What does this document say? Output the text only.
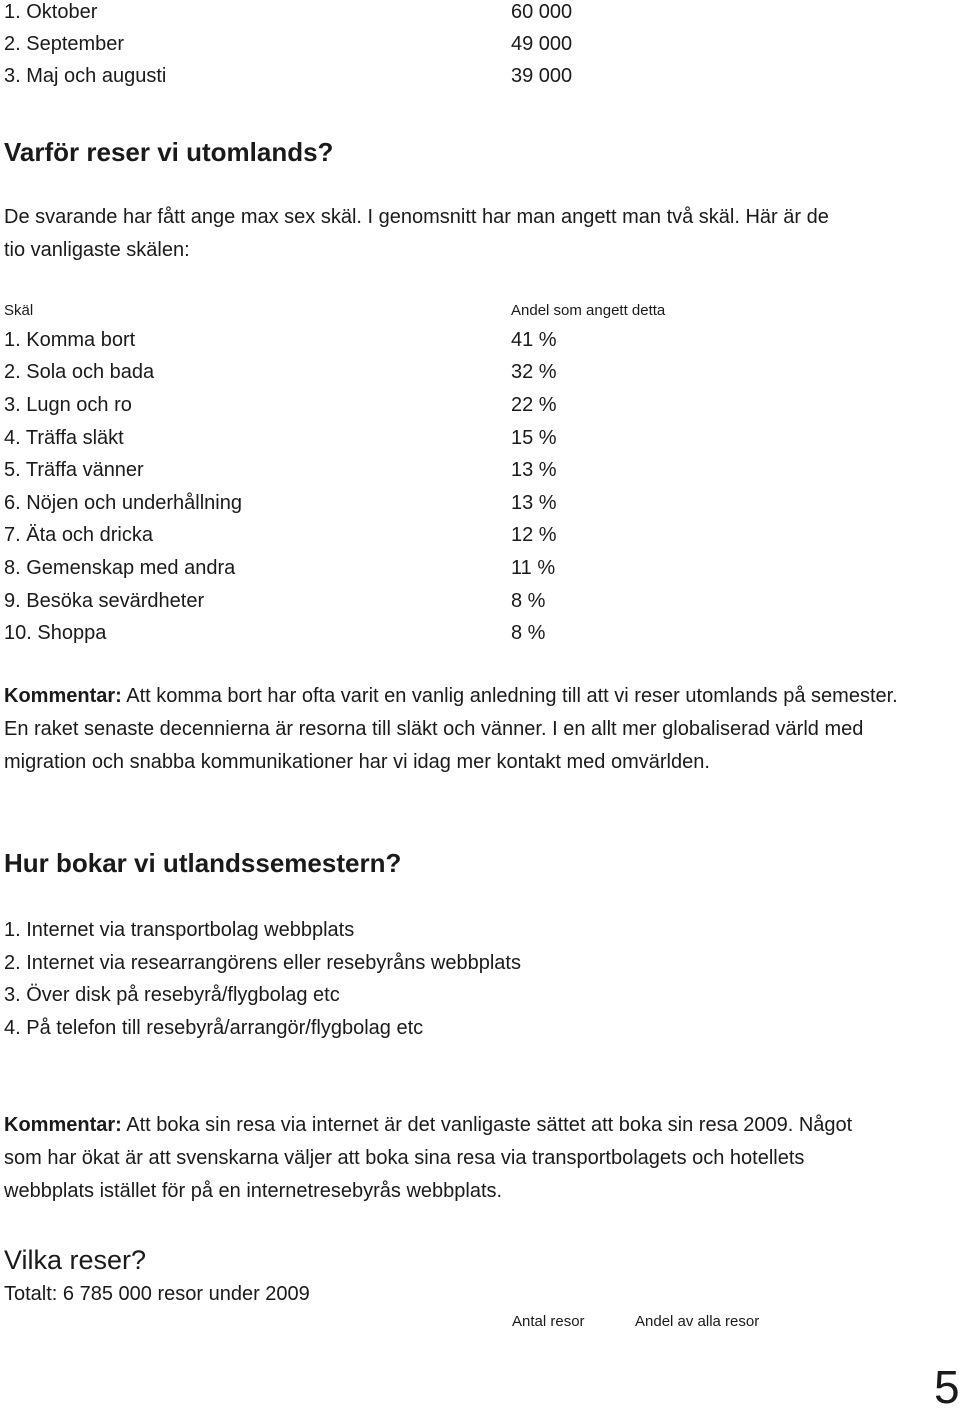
1. Oktober	60 000
2. September	49 000
3. Maj och augusti	39 000
Varför reser vi utomlands?
De svarande har fått ange max sex skäl. I genomsnitt har man angett man två skäl. Här är de
tio vanligaste skälen:
Skäl	Andel som angett detta
1. Komma bort	41 %
2. Sola och bada	32 %
3. Lugn och ro	22 %
4. Träffa släkt	15 %
5. Träffa vänner	13 %
6. Nöjen och underhållning	13 %
7. Äta och dricka	12 %
8. Gemenskap med andra	11 %
9. Besöka sevärdheter	8 %
10. Shoppa	8 %
Kommentar: Att komma bort har ofta varit en vanlig anledning till att vi reser utomlands på semester. En raket senaste decennierna är resorna till släkt och vänner. I en allt mer globaliserad värld med migration och snabba kommunikationer har vi idag mer kontakt med omvärlden.
Hur bokar vi utlandssemestern?
1. Internet via transportbolag webbplats
2. Internet via researrangörens eller resebyråns webbplats
3. Över disk på resebyrå/flygbolag etc
4. På telefon till resebyrå/arrangör/flygbolag etc
Kommentar: Att boka sin resa via internet är det vanligaste sättet att boka sin resa 2009. Något som har ökat är att svenskarna väljer att boka sina resa via transportbolagets och hotellets webbplats istället för på en internetresebyrås webbplats.
Vilka reser?
Totalt: 6 785 000 resor under 2009
Antal resor	Andel av alla resor
5
